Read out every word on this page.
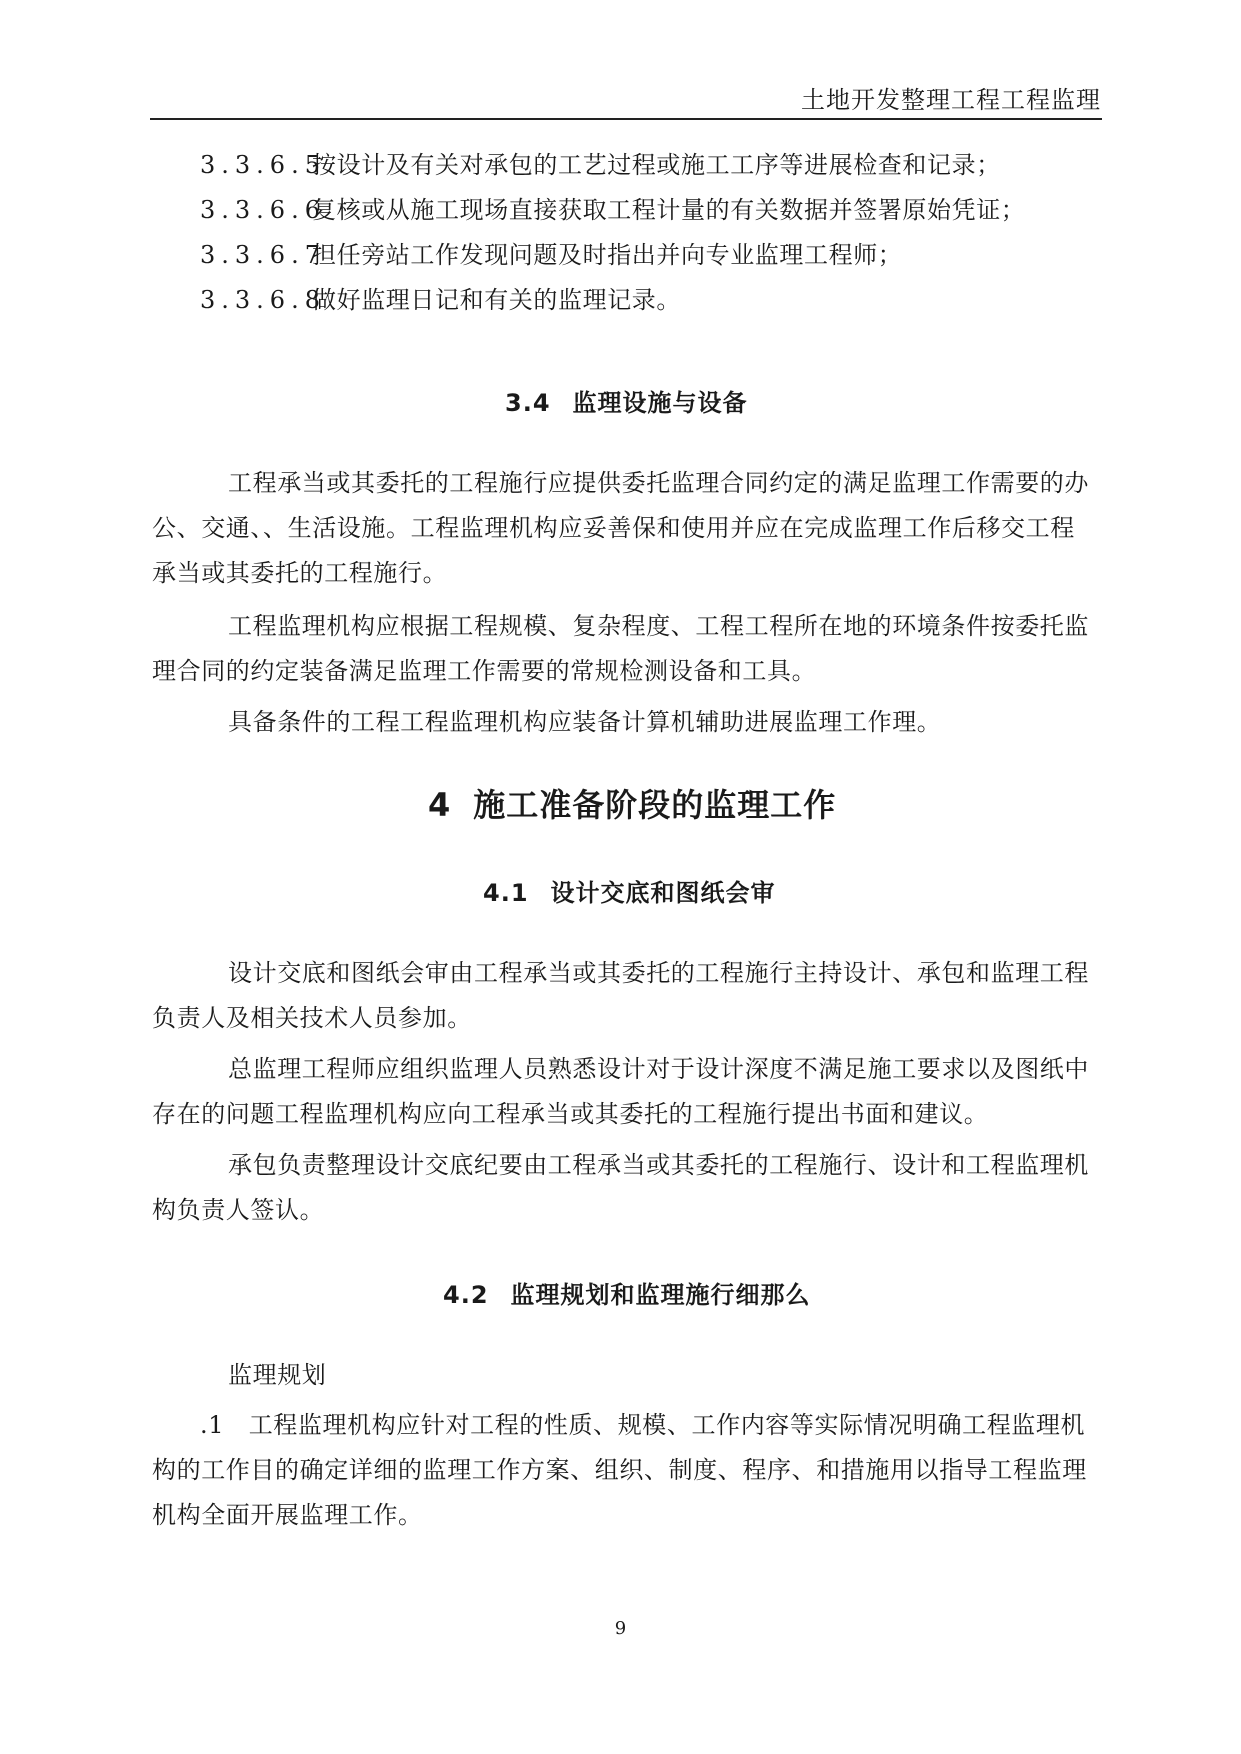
土地开发整理工程工程监理
3.3.6.5按设计及有关对承包的工艺过程或施工工序等进展检查和记录；
3.3.6.6复核或从施工现场直接获取工程计量的有关数据并签署原始凭证；
3.3.6.7担任旁站工作发现问题及时指出并向专业监理工程师；
3.3.6.8做好监理日记和有关的监理记录。
3.4 监理设施与设备
工程承当或其委托的工程施行应提供委托监理合同约定的满足监理工作需要的办
公、交通、、生活设施。工程监理机构应妥善保和使用并应在完成监理工作后移交工程
承当或其委托的工程施行。
工程监理机构应根据工程规模、复杂程度、工程工程所在地的环境条件按委托监
理合同的约定装备满足监理工作需要的常规检测设备和工具。
具备条件的工程工程监理机构应装备计算机辅助进展监理工作理。
4 施工准备阶段的监理工作
4.1 设计交底和图纸会审
设计交底和图纸会审由工程承当或其委托的工程施行主持设计、承包和监理工程
负责人及相关技术人员参加。
总监理工程师应组织监理人员熟悉设计对于设计深度不满足施工要求以及图纸中
存在的问题工程监理机构应向工程承当或其委托的工程施行提出书面和建议。
承包负责整理设计交底纪要由工程承当或其委托的工程施行、设计和工程监理机
构负责人签认。
4.2 监理规划和监理施行细那么
监理规划
.1　工程监理机构应针对工程的性质、规模、工作内容等实际情况明确工程监理机
构的工作目的确定详细的监理工作方案、组织、制度、程序、和措施用以指导工程监理
机构全面开展监理工作。
9
